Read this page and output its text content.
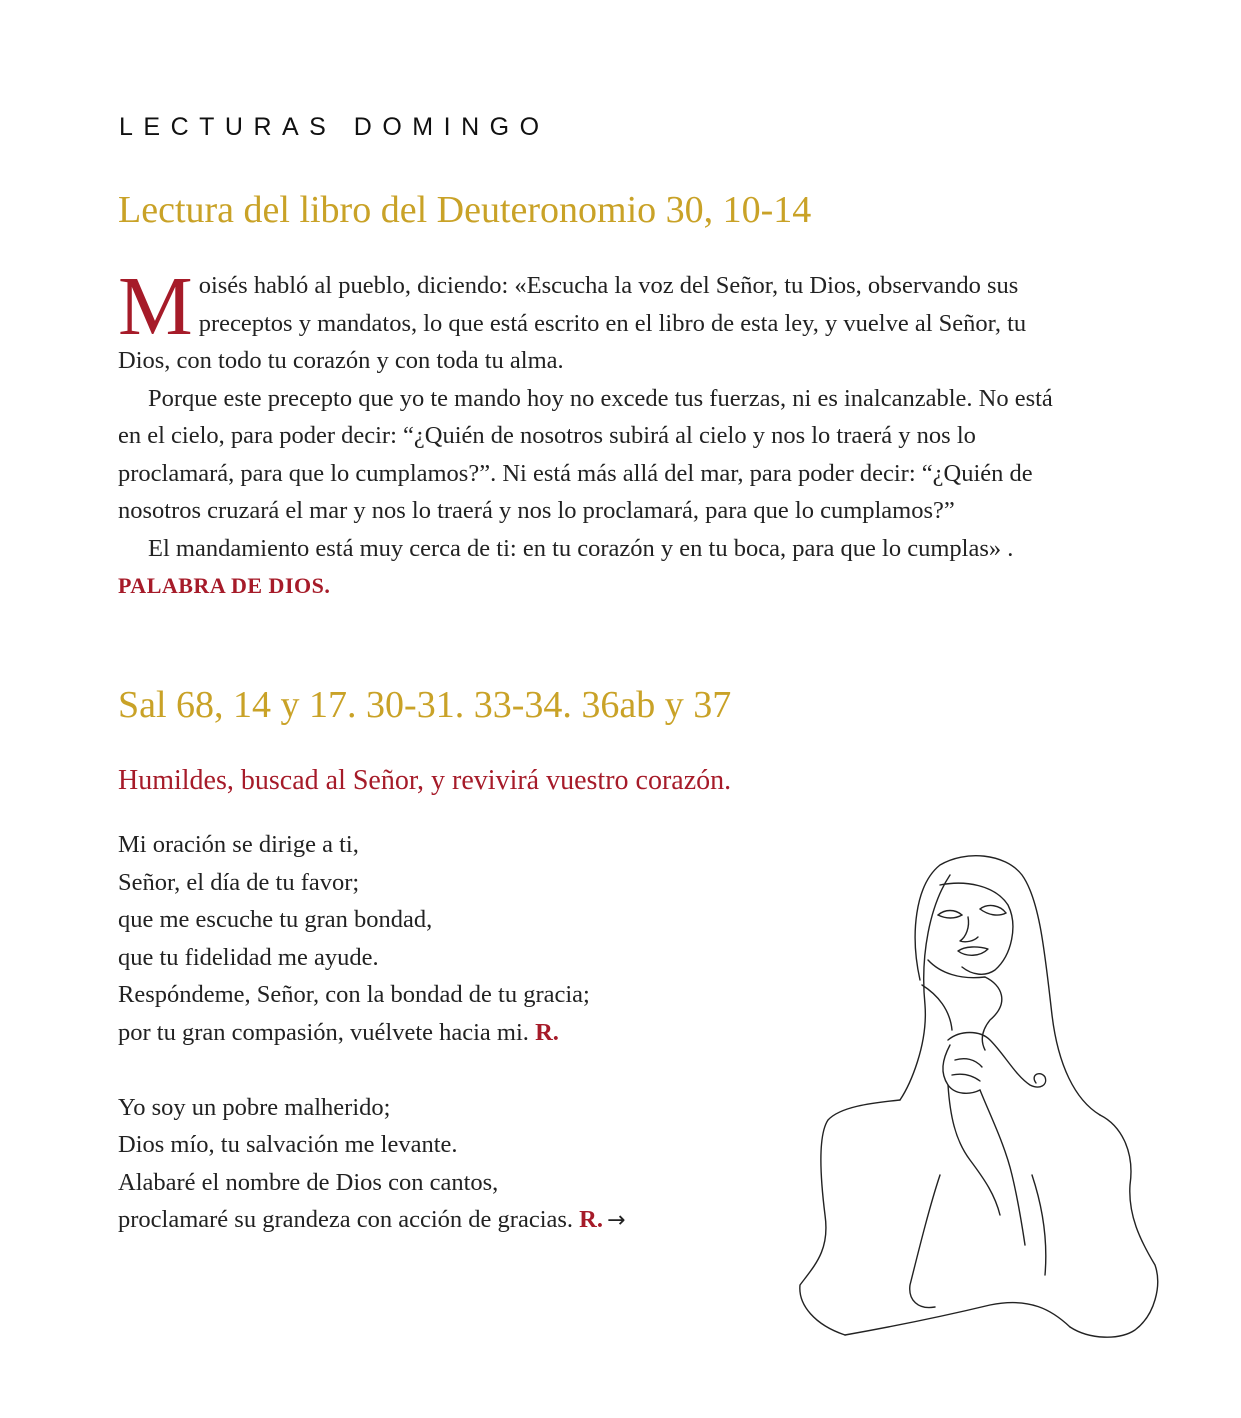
LECTURAS DOMINGO
Lectura del libro del Deuteronomio 30, 10-14

Moisés habló al pueblo, diciendo: «Escucha la voz del Señor, tu Dios, observando sus preceptos y mandatos, lo que está escrito en el libro de esta ley, y vuelve al Señor, tu Dios, con todo tu corazón y con toda tu alma.

Porque este precepto que yo te mando hoy no excede tus fuerzas, ni es inalcanzable. No está en el cielo, para poder decir: “¿Quién de nosotros subirá al cielo y nos lo traerá y nos lo proclamará, para que lo cumplamos?”. Ni está más allá del mar, para poder decir: “¿Quién de nosotros cruzará el mar y nos lo traerá y nos lo proclamará, para que lo cumplamos?”

El mandamiento está muy cerca de ti: en tu corazón y en tu boca, para que lo cumplas» . PALABRA DE DIOS.

Sal 68, 14 y 17. 30-31. 33-34. 36ab y 37
Humildes, buscad al Señor, y revivirá vuestro corazón.
Mi oración se dirige a ti,
Señor, el día de tu favor;
que me escuche tu gran bondad,
que tu fidelidad me ayude.
Respóndeme, Señor, con la bondad de tu gracia;
por tu gran compasión, vuélvete hacia mi. R.
Yo soy un pobre malherido;
Dios mío, tu salvación me levante.
Alabaré el nombre de Dios con cantos,
proclamaré su grandeza con acción de gracias. R. →
